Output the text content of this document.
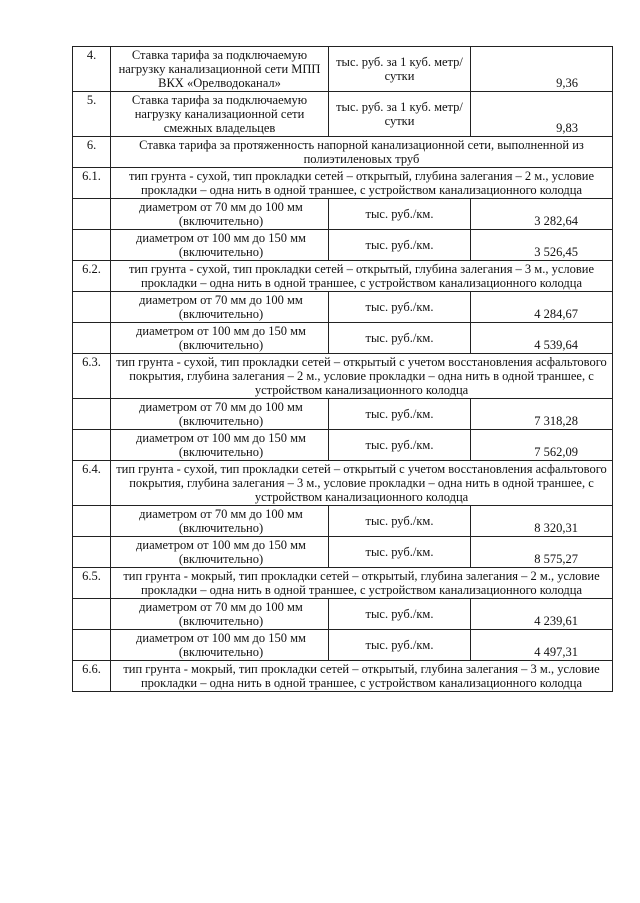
4.	Ставка тарифа за подключаемую нагрузку канализационной сети МПП ВКХ «Орелводоканал»	тыс. руб. за 1 куб. метр/сутки	9,36
5.	Ставка тарифа за подключаемую нагрузку канализационной сети смежных владельцев	тыс. руб. за 1 куб. метр/сутки	9,83
6.	Ставка тарифа за протяженность напорной канализационной сети, выполненной из полиэтиленовых труб		
6.1.	тип грунта - сухой, тип прокладки сетей – открытый, глубина залегания – 2 м., условие прокладки – одна нить в одной траншее, с устройством канализационного колодца		
	диаметром от 70 мм до 100 мм (включительно)	тыс. руб./км.	3 282,64
	диаметром от 100 мм до 150 мм (включительно)	тыс. руб./км.	3 526,45
6.2.	тип грунта - сухой, тип прокладки сетей – открытый, глубина залегания – 3 м., условие прокладки – одна нить в одной траншее, с устройством канализационного колодца		
	диаметром от 70 мм до 100 мм (включительно)	тыс. руб./км.	4 284,67
	диаметром от 100 мм до 150 мм (включительно)	тыс. руб./км.	4 539,64
6.3.	тип грунта - сухой, тип прокладки сетей – открытый с учетом восстановления асфальтового покрытия, глубина залегания – 2 м., условие прокладки – одна нить в одной траншее, с устройством канализационного колодца		
	диаметром от 70 мм до 100 мм (включительно)	тыс. руб./км.	7 318,28
	диаметром от 100 мм до 150 мм (включительно)	тыс. руб./км.	7 562,09
6.4.	тип грунта - сухой, тип прокладки сетей – открытый с учетом восстановления асфальтового покрытия, глубина залегания – 3 м., условие прокладки – одна нить в одной траншее, с устройством канализационного колодца		
	диаметром от 70 мм до 100 мм (включительно)	тыс. руб./км.	8 320,31
	диаметром от 100 мм до 150 мм (включительно)	тыс. руб./км.	8 575,27
6.5.	тип грунта - мокрый, тип прокладки сетей – открытый, глубина залегания – 2 м., условие прокладки – одна нить в одной траншее, с устройством канализационного колодца		
	диаметром от 70 мм до 100 мм (включительно)	тыс. руб./км.	4 239,61
	диаметром от 100 мм до 150 мм (включительно)	тыс. руб./км.	4 497,31
6.6.	тип грунта - мокрый, тип прокладки сетей – открытый, глубина залегания – 3 м., условие прокладки – одна нить в одной траншее, с устройством канализационного колодца		
